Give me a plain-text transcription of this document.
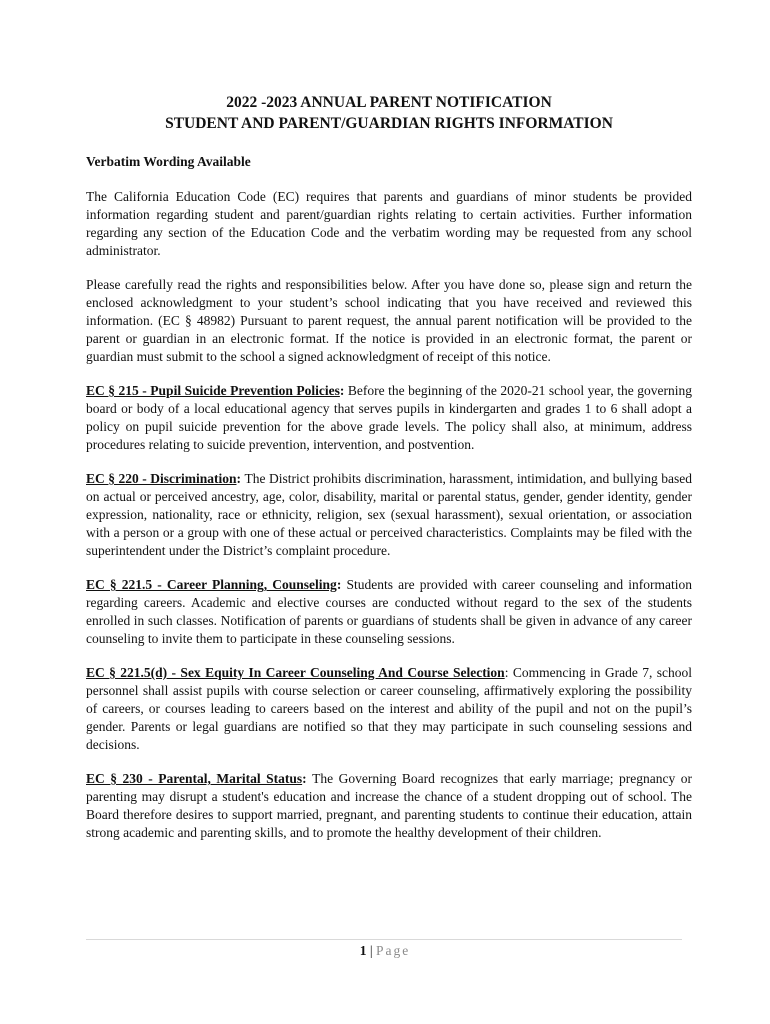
2022 -2023 ANNUAL PARENT NOTIFICATION
STUDENT AND PARENT/GUARDIAN RIGHTS INFORMATION
Verbatim Wording Available

The California Education Code (EC) requires that parents and guardians of minor students be provided information regarding student and parent/guardian rights relating to certain activities. Further information regarding any section of the Education Code and the verbatim wording may be requested from any school administrator.

Please carefully read the rights and responsibilities below. After you have done so, please sign and return the enclosed acknowledgment to your student’s school indicating that you have received and reviewed this information. (EC § 48982) Pursuant to parent request, the annual parent notification will be provided to the parent or guardian in an electronic format. If the notice is provided in an electronic format, the parent or guardian must submit to the school a signed acknowledgment of receipt of this notice.

EC § 215 - Pupil Suicide Prevention Policies: Before the beginning of the 2020-21 school year, the governing board or body of a local educational agency that serves pupils in kindergarten and grades 1 to 6 shall adopt a policy on pupil suicide prevention for the above grade levels. The policy shall also, at minimum, address procedures relating to suicide prevention, intervention, and postvention.

EC § 220 - Discrimination: The District prohibits discrimination, harassment, intimidation, and bullying based on actual or perceived ancestry, age, color, disability, marital or parental status, gender, gender identity, gender expression, nationality, race or ethnicity, religion, sex (sexual harassment), sexual orientation, or association with a person or a group with one of these actual or perceived characteristics. Complaints may be filed with the superintendent under the District’s complaint procedure.

EC § 221.5 - Career Planning, Counseling: Students are provided with career counseling and information regarding careers. Academic and elective courses are conducted without regard to the sex of the students enrolled in such classes. Notification of parents or guardians of students shall be given in advance of any career counseling to invite them to participate in these counseling sessions.

EC § 221.5(d) - Sex Equity In Career Counseling And Course Selection: Commencing in Grade 7, school personnel shall assist pupils with course selection or career counseling, affirmatively exploring the possibility of careers, or courses leading to careers based on the interest and ability of the pupil and not on the pupil’s gender. Parents or legal guardians are notified so that they may participate in such counseling sessions and decisions.

EC § 230 - Parental, Marital Status: The Governing Board recognizes that early marriage; pregnancy or parenting may disrupt a student's education and increase the chance of a student dropping out of school. The Board therefore desires to support married, pregnant, and parenting students to continue their education, attain strong academic and parenting skills, and to promote the healthy development of their children.

1 | Page
